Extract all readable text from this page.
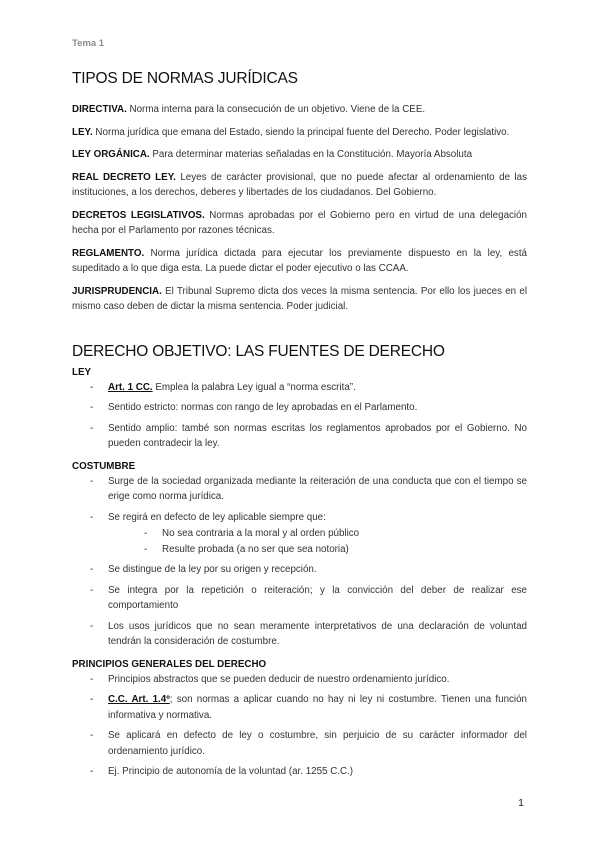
Tema 1
TIPOS DE NORMAS JURÍDICAS

DIRECTIVA. Norma interna para la consecución de un objetivo. Viene de la CEE.

LEY. Norma jurídica que emana del Estado, siendo la principal fuente del Derecho. Poder legislativo.

LEY ORGÁNICA. Para determinar materias señaladas en la Constitución. Mayoría Absoluta

REAL DECRETO LEY. Leyes de carácter provisional, que no puede afectar al ordenamiento de las instituciones, a los derechos, deberes y libertades de los ciudadanos. Del Gobierno.

DECRETOS LEGISLATIVOS. Normas aprobadas por el Gobierno pero en virtud de una delegación hecha por el Parlamento por razones técnicas.

REGLAMENTO. Norma jurídica dictada para ejecutar los previamente dispuesto en la ley, está supeditado a lo que diga esta. La puede dictar el poder ejecutivo o las CCAA.

JURISPRUDENCIA. El Tribunal Supremo dicta dos veces la misma sentencia. Por ello los jueces en el mismo caso deben de dictar la misma sentencia. Poder judicial.

DERECHO OBJETIVO: LAS FUENTES DE DERECHO
LEY
- Art. 1 CC. Emplea la palabra Ley igual a “norma escrita”.
- Sentido estricto: normas con rango de ley aprobadas en el Parlamento.
- Sentido amplio: també son normas escritas los reglamentos aprobados por el Gobierno. No pueden contradecir la ley.
COSTUMBRE
- Surge de la sociedad organizada mediante la reiteración de una conducta que con el tiempo se erige como norma jurídica.
- Se regirá en defecto de ley aplicable siempre que:
- No sea contraria a la moral y al orden público
- Resulte probada (a no ser que sea notoria)
- Se distingue de la ley por su origen y recepción.
- Se integra por la repetición o reiteración; y la convicción del deber de realizar ese comportamiento
- Los usos jurídicos que no sean meramente interpretativos de una declaración de voluntad tendrán la consideración de costumbre.
PRINCIPIOS GENERALES DEL DERECHO
- Principios abstractos que se pueden deducir de nuestro ordenamiento jurídico.
- C.C. Art. 1.4º; son normas a aplicar cuando no hay ni ley ni costumbre. Tienen una función informativa y normativa.
- Se aplicará en defecto de ley o costumbre, sin perjuicio de su carácter informador del ordenamiento jurídico.
- Ej. Principio de autonomía de la voluntad (ar. 1255 C.C.)
1
